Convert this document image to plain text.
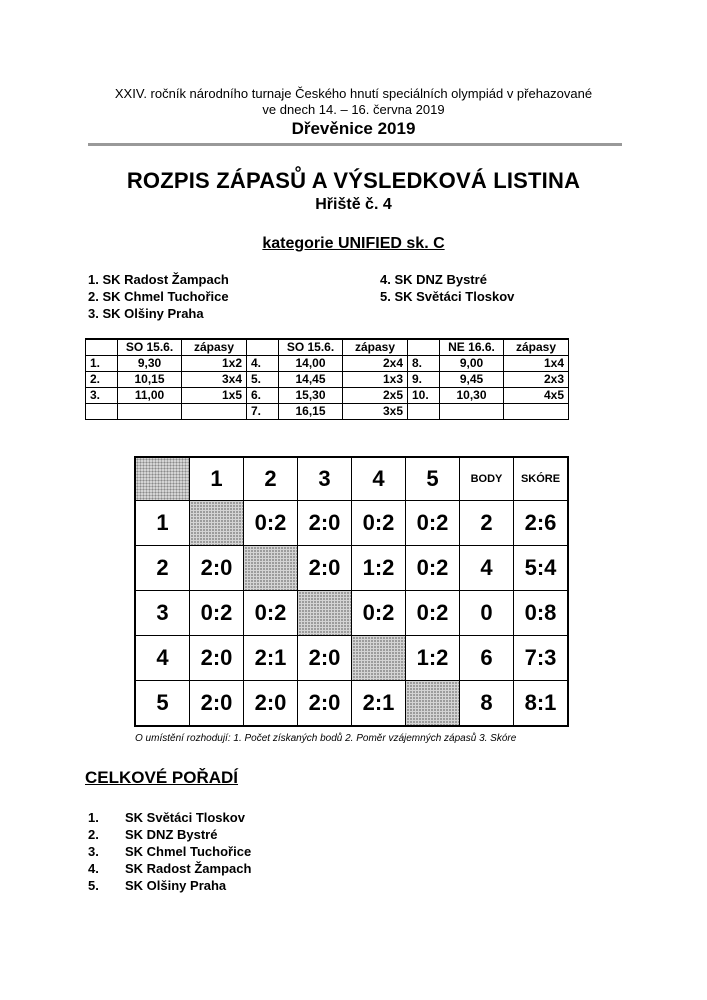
XXIV. ročník národního turnaje Českého hnutí speciálních olympiád v přehazované
ve dnech 14. – 16. června 2019
Dřevěnice 2019
ROZPIS ZÁPASŮ A VÝSLEDKOVÁ LISTINA
Hřiště č. 4
kategorie UNIFIED sk. C
1. SK Radost Žampach
2. SK Chmel Tuchořice
3. SK Olšiny Praha
4. SK DNZ Bystré
5. SK Světáci Tloskov
	SO 15.6.	zápasy		SO 15.6.	zápasy		NE 16.6.	zápasy
1.	9,30	1x2	4.	14,00	2x4	8.	9,00	1x4
2.	10,15	3x4	5.	14,45	1x3	9.	9,45	2x3
3.	11,00	1x5	6.	15,30	2x5	10.	10,30	4x5
			7.	16,15	3x5			
	1	2	3	4	5	BODY	SKÓRE
1		0:2	2:0	0:2	0:2	2	2:6
2	2:0		2:0	1:2	0:2	4	5:4
3	0:2	0:2		0:2	0:2	0	0:8
4	2:0	2:1	2:0		1:2	6	7:3
5	2:0	2:0	2:0	2:1		8	8:1
O umístění rozhodují: 1. Počet získaných bodů 2. Poměr vzájemných zápasů 3. Skóre
CELKOVÉ POŘADÍ
1. SK Světáci Tloskov
2. SK DNZ Bystré
3. SK Chmel Tuchořice
4. SK Radost Žampach
5. SK Olšiny Praha
